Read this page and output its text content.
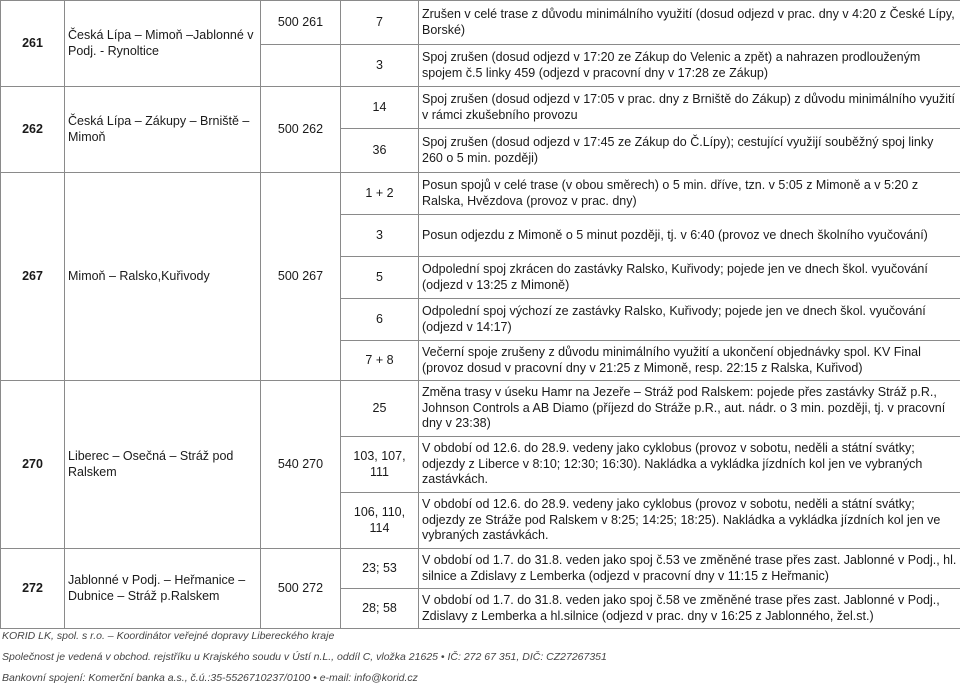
261	Česká Lípa – Mimoň –Jablonné v Podj. - Rynoltice	500 261	7	Zrušen v celé trase z důvodu minimálního využití (dosud odjezd v prac. dny v 4:20 z České Lípy, Borské)
			3	Spoj zrušen (dosud odjezd v 17:20 ze Zákup do Velenic a zpět) a nahrazen prodlouženým spojem č.5 linky 459 (odjezd v pracovní dny v 17:28 ze Zákup)
262	Česká Lípa – Zákupy – Brniště – Mimoň	500 262	14	Spoj zrušen (dosud odjezd v 17:05 v prac. dny z Brniště do Zákup) z důvodu minimálního využití v rámci zkušebního provozu
			36	Spoj zrušen (dosud odjezd v 17:45 ze Zákup do Č.Lípy); cestující využijí souběžný spoj linky 260 o 5 min. později)
267	Mimoň – Ralsko,Kuřivody	500 267	1 + 2	Posun spojů v celé trase (v obou směrech) o 5 min. dříve, tzn. v 5:05 z Mimoně a v 5:20 z Ralska, Hvězdova (provoz v prac. dny)
			3	Posun odjezdu z Mimoně o 5 minut později, tj. v 6:40 (provoz ve dnech školního vyučování)
			5	Odpolední spoj zkrácen do zastávky Ralsko, Kuřivody; pojede jen ve dnech škol. vyučování (odjezd v 13:25 z Mimoně)
			6	Odpolední spoj výchozí ze zastávky Ralsko, Kuřivody; pojede jen ve dnech škol. vyučování (odjezd v 14:17)
			7 + 8	Večerní spoje zrušeny z důvodu minimálního využití a ukončení objednávky spol. KV Final (provoz dosud v pracovní dny v 21:25 z Mimoně, resp. 22:15 z Ralska, Kuřivod)
270	Liberec – Osečná – Stráž pod Ralskem	540 270	25	Změna trasy v úseku Hamr na Jezeře – Stráž pod Ralskem: pojede přes zastávky Stráž p.R., Johnson Controls a AB Diamo (příjezd do Stráže p.R., aut. nádr. o 3 min. později, tj. v pracovní dny v 23:38)
			103, 107, 111	V období od 12.6. do 28.9. vedeny jako cyklobus (provoz v sobotu, neděli a státní svátky; odjezdy z Liberce v 8:10; 12:30; 16:30). Nakládka a vykládka jízdních kol jen ve vybraných zastávkách.
			106, 110, 114	V období od 12.6. do 28.9. vedeny jako cyklobus (provoz v sobotu, neděli a státní svátky; odjezdy ze Stráže pod Ralskem v 8:25; 14:25; 18:25). Nakládka a vykládka jízdních kol jen ve vybraných zastávkách.
272	Jablonné v Podj. – Heřmanice – Dubnice – Stráž p.Ralskem	500 272	23; 53	V období od 1.7. do 31.8. veden jako spoj č.53 ve změněné trase přes zast. Jablonné v Podj., hl. silnice a Zdislavy z Lemberka (odjezd v pracovní dny v 11:15 z Heřmanic)
			28; 58	V období od 1.7. do 31.8. veden jako spoj č.58 ve změněné trase přes zast. Jablonné v Podj., Zdislavy z Lemberka a hl.silnice (odjezd v prac. dny v 16:25 z Jablonného, žel.st.)
KORID LK, spol. s r.o. – Koordinátor veřejné dopravy Libereckého kraje
Společnost je vedená v obchod. rejstříku u Krajského soudu v Ústí n.L., oddíl C, vložka 21625 • IČ: 272 67 351, DIČ: CZ27267351
Bankovní spojení: Komerční banka a.s., č.ú.:35-5526710237/0100 • e-mail: info@korid.cz
